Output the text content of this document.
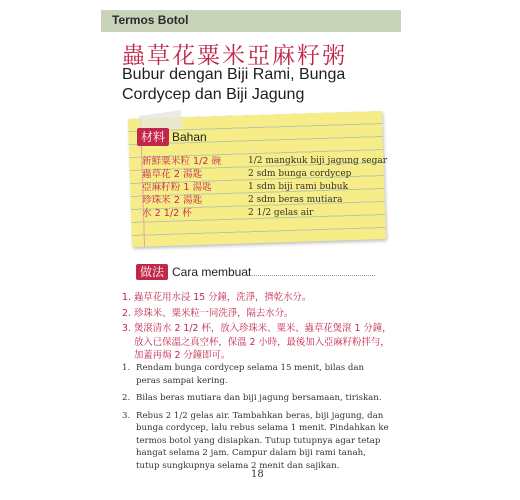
Termos Botol
蟲草花粟米亞麻籽粥
Bubur dengan Biji Rami, Bunga Cordycep dan Biji Jagung
材料 Bahan
新鮮粟米粒 1/2 碗
蟲草花 2 湯匙
亞麻籽粉 1 湯匙
珍珠米 2 湯匙
水 2 1/2 杯
1/2 mangkuk biji jagung segar
2 sdm bunga cordycep
1 sdm biji rami bubuk
2 sdm beras mutiara
2 1/2 gelas air
做法 Cara membuat
1. 蟲草花用水浸 15 分鐘，洗淨，擠乾水分。
2. 珍珠米、粟米粒一同洗淨，隔去水分。
3. 煲滾清水 2 1/2 杯，放入珍珠米、粟米、蟲草花煲滾 1 分鐘，放入已保溫之真空杯，保溫 2 小時，最後加入亞麻籽粉拌勻，加蓋再焗 2 分鐘即可。
1. Rendam bunga cordycep selama 15 menit, bilas dan peras sampai kering.
2. Bilas beras mutiara dan biji jagung bersamaan, tiriskan.
3. Rebus 2 1/2 gelas air. Tambahkan beras, biji jagung, dan bunga cordycep, lalu rebus selama 1 menit. Pindahkan ke termos botol yang disiapkan. Tutup tutupnya agar tetap hangat selama 2 jam. Campur dalam biji rami tanah, tutup sungkupnya selama 2 menit dan sajikan.
18
